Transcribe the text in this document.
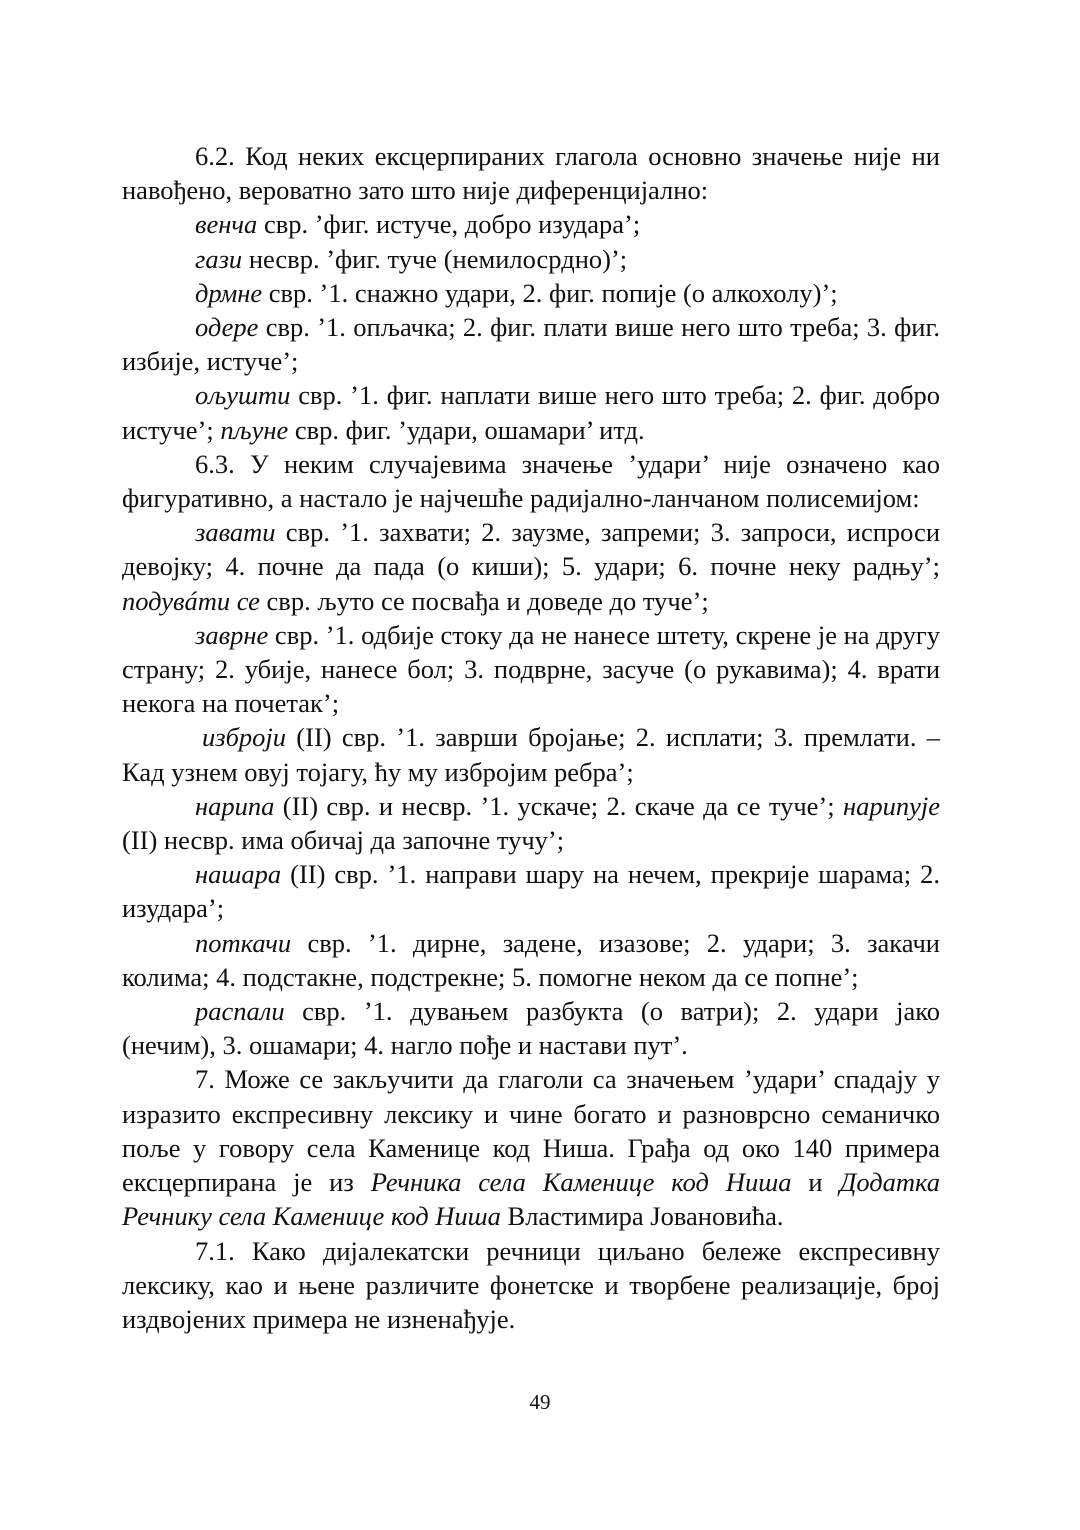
6.2. Код неких ексцерпираних глагола основно значење није ни навођено, вероватно зато што није диференцијално:

венча свр. ’фиг. истуче, добро изудара’;

гази несвр. ’фиг. туче (немилосрдно)’;

дрмне свр. ’1. снажно удари, 2. фиг. попије (о алкохолу)’;

одере свр. ’1. опљачка; 2. фиг. плати више него што треба; 3. фиг. избије, истуче’;

ољушти свр. ’1. фиг. наплати више него што треба; 2. фиг. добро истуче’; пљуне свр. фиг. ’удари, ошамари’ итд.

6.3. У неким случајевима значење ’удари’ није означено као фигуративно, а настало је најчешће радијално-ланчаном полисемијом:

завати свр. ’1. захвати; 2. заузме, запреми; 3. запроси, испроси девојку; 4. почне да пада (о киши); 5. удари; 6. почне неку радњу’; подувáти се свр. љуто се посвађа и доведе до туче’;

заврне свр. ’1. одбије стоку да не нанесе штету, скрене је на другу страну; 2. убије, нанесе бол; 3. подврне, засуче (о рукавима); 4. врати некога на почетак’;

изброји (II) свр. ’1. заврши бројање; 2. исплати; 3. премлати. – Кад узнем овуј тојагу, ћу му избројим ребра’;

нарипа (II) свр. и несвр. ’1. ускаче; 2. скаче да се туче’; нарипује (II) несвр. има обичај да започне тучу’;

нашара (II) свр. ’1. направи шару на нечем, прекрије шарама; 2. изудара’;

поткачи свр. ’1. дирне, задене, изазове; 2. удари; 3. закачи колима; 4. подстакне, подстрекне; 5. помогне неком да се попне’;

распали свр. ’1. дувањем разбукта (о ватри); 2. удари јако (нечим), 3. ошамари; 4. нагло пође и настави пут’.

7. Може се закључити да глаголи са значењем ’удари’ спадају у изразито експресивну лексику и чине богато и разноврсно семаничко поље у говору села Каменице код Ниша. Грађа од око 140 примера ексцерпирана је из Речника села Каменице код Ниша и Додатка Речнику села Каменице код Ниша Властимира Јовановића.

7.1. Како дијалекатски речници циљано бележе експресивну лексику, као и њене различите фонетске и творбене реализације, број издвојених примера не изненађује.

49
